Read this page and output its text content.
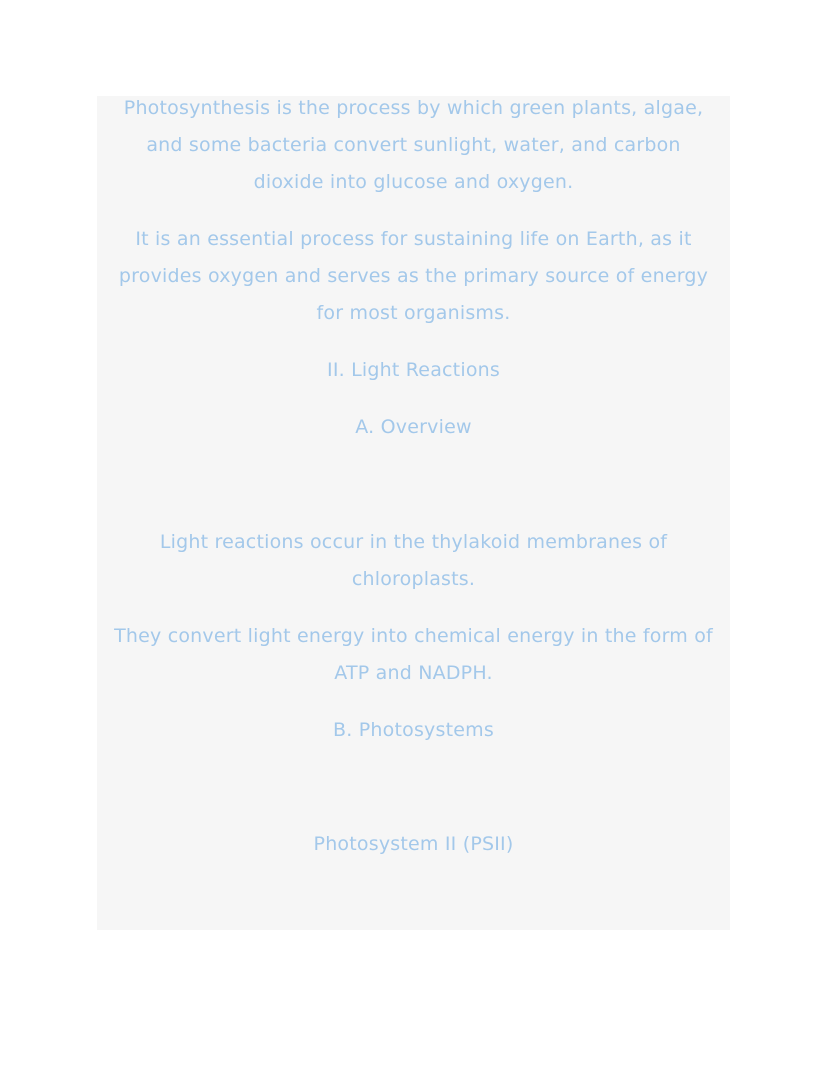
Photosynthesis is the process by which green plants, algae,
and some bacteria convert sunlight, water, and carbon
dioxide into glucose and oxygen.
It is an essential process for sustaining life on Earth, as it
provides oxygen and serves as the primary source of energy
for most organisms.
II. Light Reactions
A. Overview
Light reactions occur in the thylakoid membranes of
chloroplasts.
They convert light energy into chemical energy in the form of
ATP and NADPH.
B. Photosystems
Photosystem II (PSII)
